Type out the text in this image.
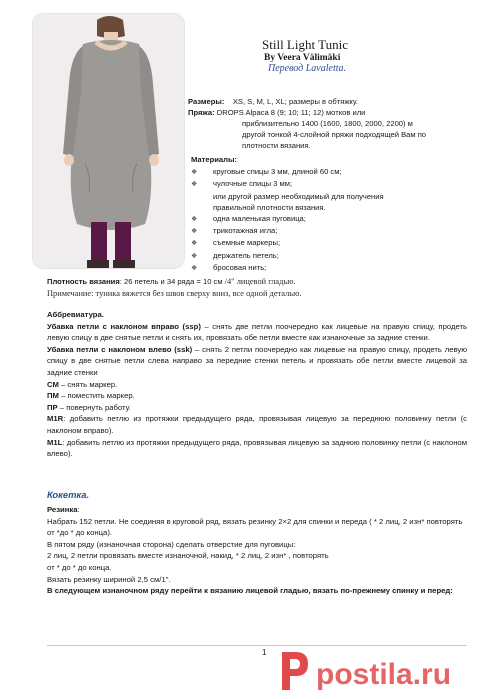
Still Light Tunic
By Veera Välimäki
Перевод Lavaletta.
Размеры: XS, S, M, L, XL; размеры в обтяжку.
Пряжа: DROPS Alpaca 8 (9; 10; 11; 12) мотков или
приблизительно 1400 (1600, 1800, 2000, 2200) м
другой тонкой 4-слойной пряжи подходящей Вам по
плотности вязания.
Материалы:
❖ круговые спицы 3 мм, длиной 60 см;
❖ чулочные спицы 3 мм;
или другой размер необходимый для получения
правильной плотности вязания.
❖ одна маленькая пуговица;
❖ трикотажная игла;
❖ съемные маркеры;
❖ держатель петель;
❖ бросовая нить;
Плотность вязания: 26 петель и 34 ряда = 10 см /4" лицевой гладью.
Примечание: туника вяжется без швов сверху вниз, все одной деталью.

Аббревиатура.

Убавка петли с наклоном вправо (ssp) – снять две петли поочередно как лицевые на правую спицу, продеть левую спицу в две снятые петли и снять их, провязать обе петли вместе как изнаночные за задние стенки.

Убавка петли с наклоном влево (ssk) – снять 2 петли поочередно как лицевые на правую спицу, продеть левую спицу в две снятые петли слева направо за передние стенки петель и провязать обе петли вместе лицевой за задние стенки

СМ – снять маркер.

ПМ – поместить маркер.

ПР – повернуть работу.

M1R: добавить петлю из протяжки предыдущего ряда, провязывая лицевую за переднюю половинку петли (с наклоном вправо).

M1L: добавить петлю из протяжки предыдущего ряда, провязывая лицевую за заднюю половинку петли (с наклоном влево).

Кокетка.

Резинка:

Набрать 152 петли. Не соединяя в круговой ряд, вязать резинку 2×2 для спинки и переда ( * 2 лиц, 2 изн* повторять от *до * до конца).

В пятом ряду (изнаночная сторона) сделать отверстие для пуговицы:

2 лиц, 2 петли провязать вместе изнаночной, накид, * 2 лиц, 2 изн* , повторять

от * до * до конца.

Вязать резинку шириной 2,5 см/1".

В следующем изнаночном ряду перейти к вязанию лицевой гладью, вязать по-прежнему спинку и перед:

1
postila.ru
